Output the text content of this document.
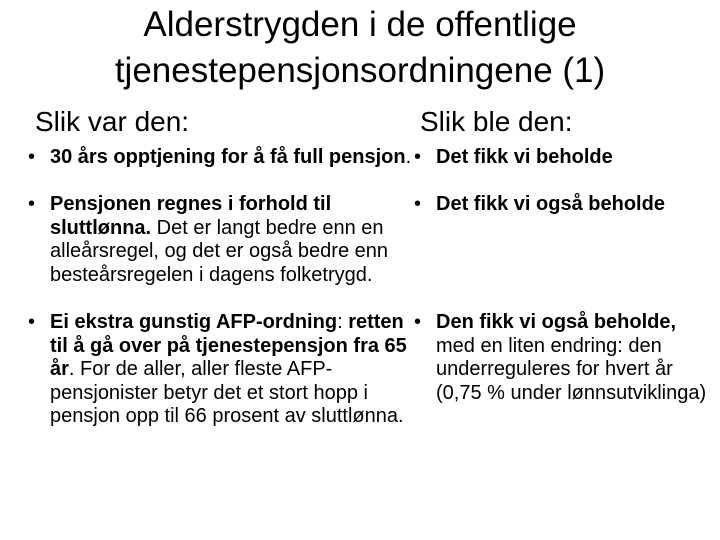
Alderstrygden i de offentlige
tjenestepensjonsordningene (1)
Slik var den:	Slik ble den:
• 30 års opptjening for å få full pensjon.
• Pensjonen regnes i forhold til sluttlønna. Det er langt bedre enn en alleårsregel, og det er også bedre enn besteårsregelen i dagens folketrygd.
• Ei ekstra gunstig AFP-ordning: retten til å gå over på tjenestepensjon fra 65 år. For de aller, aller fleste AFP-pensjonister betyr det et stort hopp i pensjon opp til 66 prosent av sluttlønna.
• Det fikk vi beholde
• Det fikk vi også beholde
• Den fikk vi også beholde, med en liten endring: den underreguleres for hvert år (0,75 % under lønnsutviklinga)
